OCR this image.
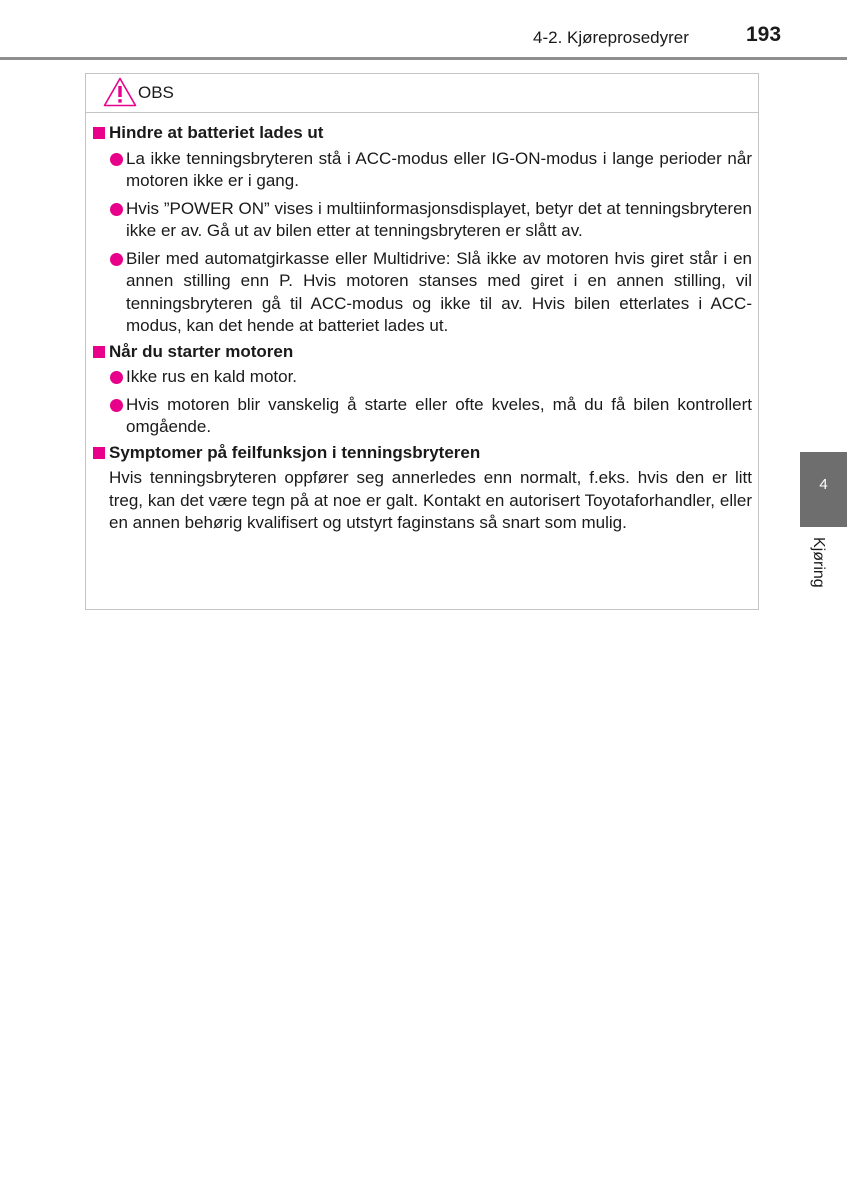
4-2. Kjøreprosedyrer	193
OBS
Hindre at batteriet lades ut
La ikke tenningsbryteren stå i ACC-modus eller IG-ON-modus i lange perioder når motoren ikke er i gang.
Hvis ”POWER ON” vises i multiinformasjonsdisplayet, betyr det at tenningsbryteren ikke er av. Gå ut av bilen etter at tenningsbryteren er slått av.
Biler med automatgirkasse eller Multidrive: Slå ikke av motoren hvis giret står i en annen stilling enn P. Hvis motoren stanses med giret i en annen stilling, vil tenningsbryteren gå til ACC-modus og ikke til av. Hvis bilen etterlates i ACC-modus, kan det hende at batteriet lades ut.
Når du starter motoren
Ikke rus en kald motor.
Hvis motoren blir vanskelig å starte eller ofte kveles, må du få bilen kontrollert omgående.
Symptomer på feilfunksjon i tenningsbryteren
Hvis tenningsbryteren oppfører seg annerledes enn normalt, f.eks. hvis den er litt treg, kan det være tegn på at noe er galt. Kontakt en autorisert Toyotaforhandler, eller en annen behørig kvalifisert og utstyrt faginstans så snart som mulig.
4
Kjøring
